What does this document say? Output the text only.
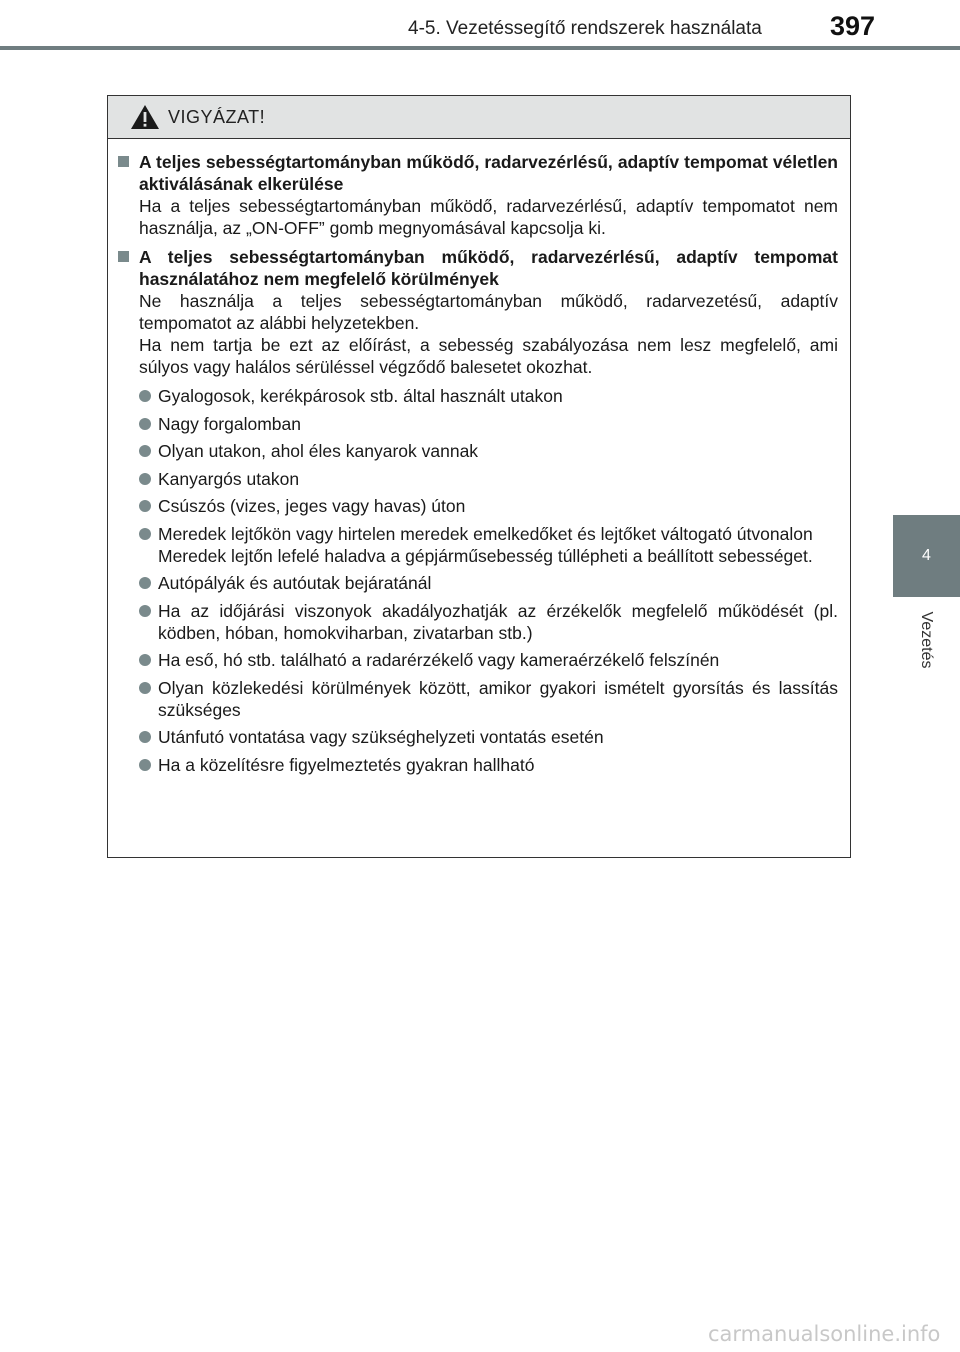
4-5. Vezetéssegítő rendszerek használata	397
4
Vezetés
VIGYÁZAT!
A teljes sebességtartományban működő, radarvezérlésű, adaptív tempomat véletlen aktiválásának elkerülése
Ha a teljes sebességtartományban működő, radarvezérlésű, adaptív tempomatot nem használja, az „ON-OFF” gomb megnyomásával kapcsolja ki.
A teljes sebességtartományban működő, radarvezérlésű, adaptív tempomat használatához nem megfelelő körülmények
Ne használja a teljes sebességtartományban működő, radarvezetésű, adaptív tempomatot az alábbi helyzetekben.
Ha nem tartja be ezt az előírást, a sebesség szabályozása nem lesz megfelelő, ami súlyos vagy halálos sérüléssel végződő balesetet okozhat.
Gyalogosok, kerékpárosok stb. által használt utakon
Nagy forgalomban
Olyan utakon, ahol éles kanyarok vannak
Kanyargós utakon
Csúszós (vizes, jeges vagy havas) úton
Meredek lejtőkön vagy hirtelen meredek emelkedőket és lejtőket váltogató útvonalon
Meredek lejtőn lefelé haladva a gépjárműsebesség túllépheti a beállított sebességet.
Autópályák és autóutak bejáratánál
Ha az időjárási viszonyok akadályozhatják az érzékelők megfelelő működését (pl. ködben, hóban, homokviharban, zivatarban stb.)
Ha eső, hó stb. található a radarérzékelő vagy kameraérzékelő felszínén
Olyan közlekedési körülmények között, amikor gyakori ismételt gyorsítás és lassítás szükséges
Utánfutó vontatása vagy szükséghelyzeti vontatás esetén
Ha a közelítésre figyelmeztetés gyakran hallható
carmanualsonline.info
